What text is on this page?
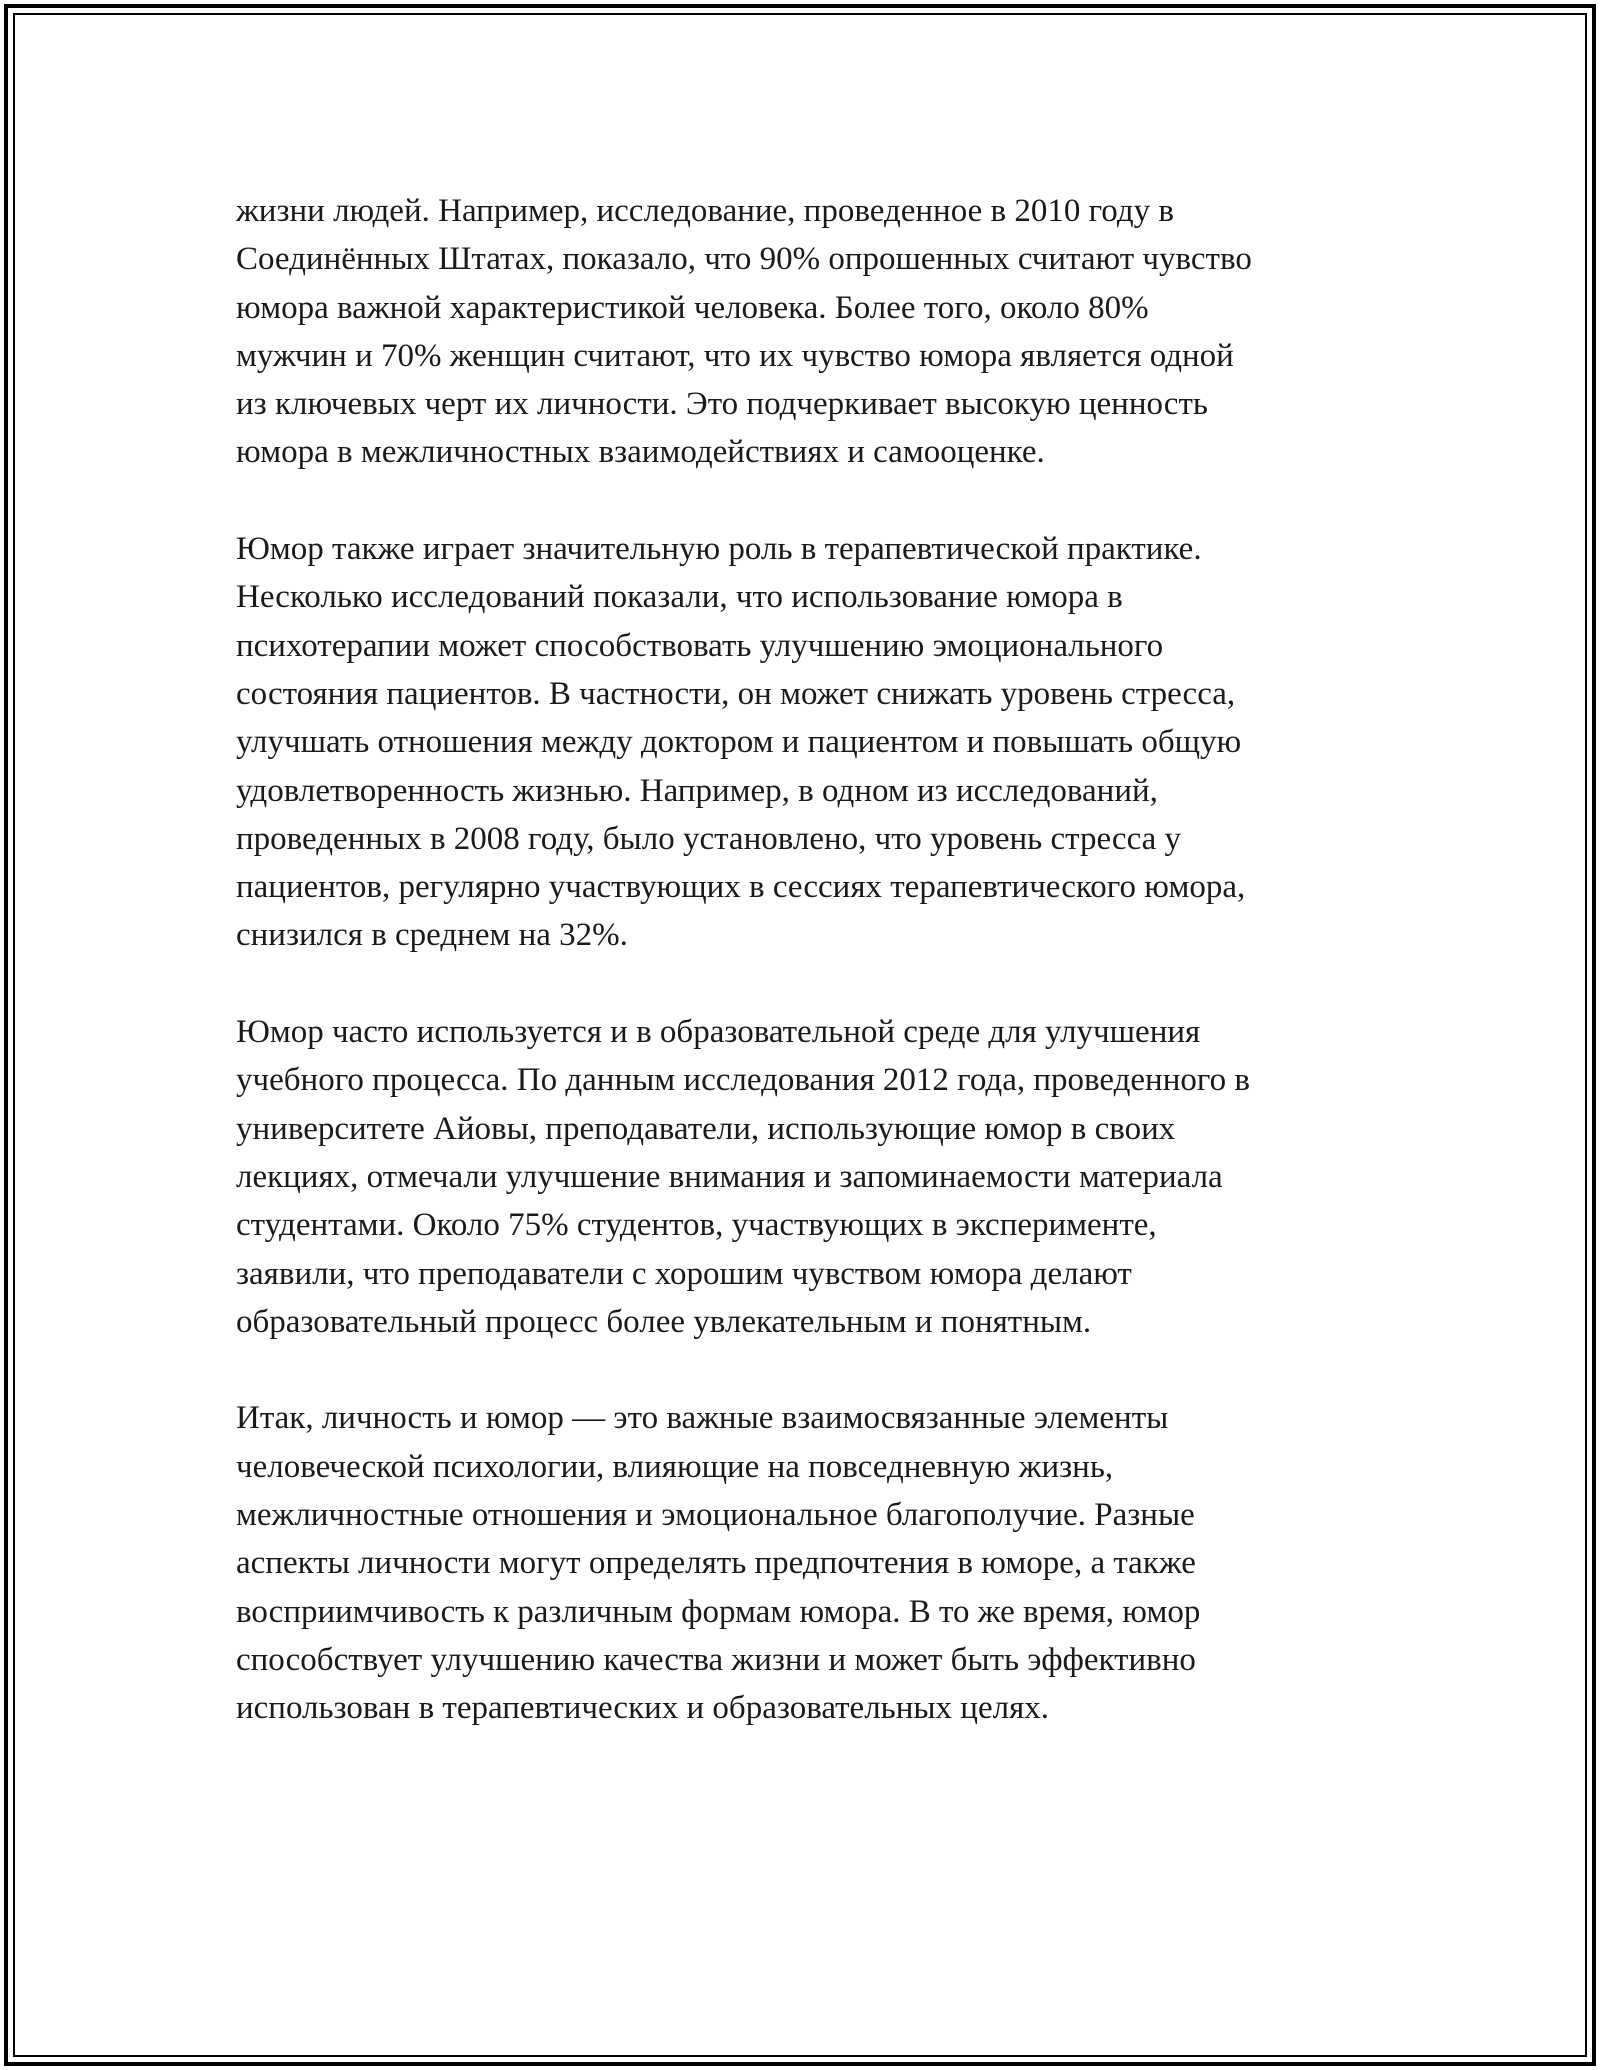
жизни людей. Например, исследование, проведенное в 2010 году в
Соединённых Штатах, показало, что 90% опрошенных считают чувство
юмора важной характеристикой человека. Более того, около 80%
мужчин и 70% женщин считают, что их чувство юмора является одной
из ключевых черт их личности. Это подчеркивает высокую ценность
юмора в межличностных взаимодействиях и самооценке.

Юмор также играет значительную роль в терапевтической практике.
Несколько исследований показали, что использование юмора в
психотерапии может способствовать улучшению эмоционального
состояния пациентов. В частности, он может снижать уровень стресса,
улучшать отношения между доктором и пациентом и повышать общую
удовлетворенность жизнью. Например, в одном из исследований,
проведенных в 2008 году, было установлено, что уровень стресса у
пациентов, регулярно участвующих в сессиях терапевтического юмора,
снизился в среднем на 32%.

Юмор часто используется и в образовательной среде для улучшения
учебного процесса. По данным исследования 2012 года, проведенного в
университете Айовы, преподаватели, использующие юмор в своих
лекциях, отмечали улучшение внимания и запоминаемости материала
студентами. Около 75% студентов, участвующих в эксперименте,
заявили, что преподаватели с хорошим чувством юмора делают
образовательный процесс более увлекательным и понятным.

Итак, личность и юмор — это важные взаимосвязанные элементы
человеческой психологии, влияющие на повседневную жизнь,
межличностные отношения и эмоциональное благополучие. Разные
аспекты личности могут определять предпочтения в юморе, а также
восприимчивость к различным формам юмора. В то же время, юмор
способствует улучшению качества жизни и может быть эффективно
использован в терапевтических и образовательных целях.
